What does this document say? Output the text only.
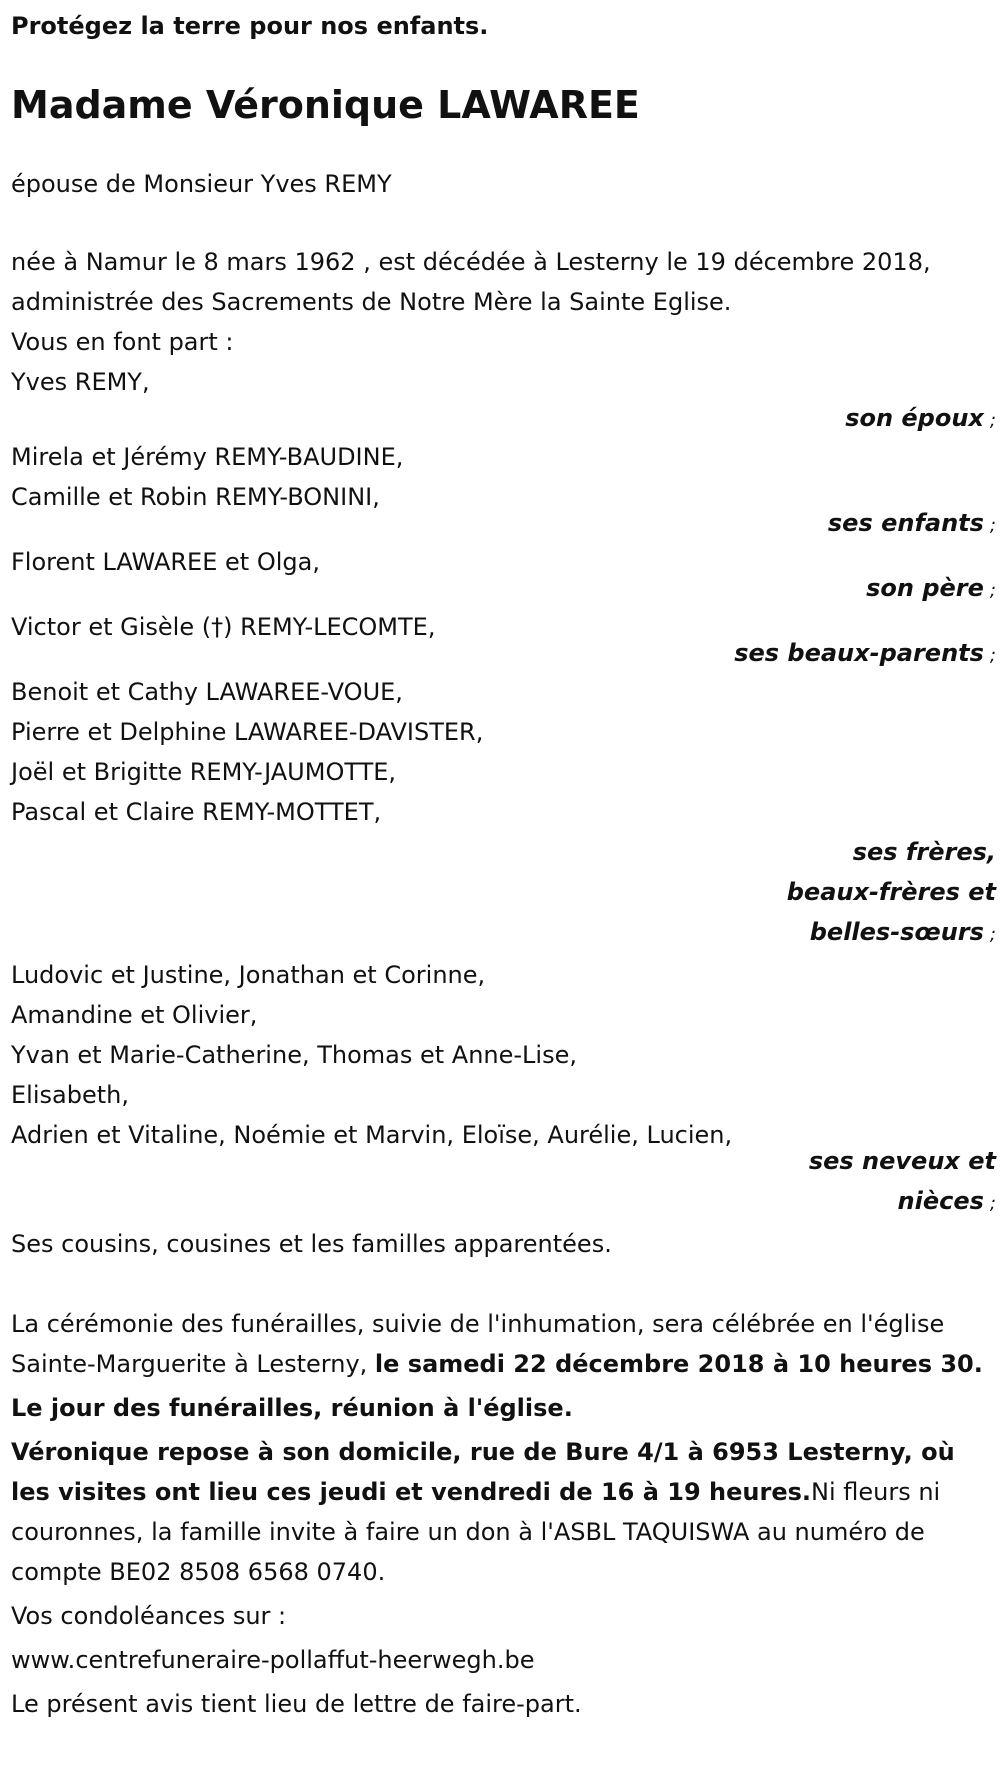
Protégez la terre pour nos enfants.

Madame Véronique LAWAREE

épouse de Monsieur Yves REMY

née à Namur le 8 mars 1962 , est décédée à Lesterny le 19 décembre 2018, administrée des Sacrements de Notre Mère la Sainte Eglise.

Vous en font part :

Yves REMY,

son époux ;

Mirela et Jérémy REMY-BAUDINE,

Camille et Robin REMY-BONINI,

ses enfants ;

Florent LAWAREE et Olga,

son père ;

Victor et Gisèle (†) REMY-LECOMTE,

ses beaux-parents ;

Benoit et Cathy LAWAREE-VOUE,

Pierre et Delphine LAWAREE-DAVISTER,

Joël et Brigitte REMY-JAUMOTTE,

Pascal et Claire REMY-MOTTET,

ses frères, beaux-frères et belles-sœurs ;

Ludovic et Justine, Jonathan et Corinne,

Amandine et Olivier,

Yvan et Marie-Catherine, Thomas et Anne-Lise,

Elisabeth,

Adrien et Vitaline, Noémie et Marvin, Eloïse, Aurélie, Lucien,

ses neveux et nièces ;

Ses cousins, cousines et les familles apparentées.

La cérémonie des funérailles, suivie de l'inhumation, sera célébrée en l'église Sainte-Marguerite à Lesterny, le samedi 22 décembre 2018 à 10 heures 30.

Le jour des funérailles, réunion à l'église.

Véronique repose à son domicile, rue de Bure 4/1 à 6953 Lesterny, où les visites ont lieu ces jeudi et vendredi de 16 à 19 heures.Ni fleurs ni couronnes, la famille invite à faire un don à l'ASBL TAQUISWA au numéro de compte BE02 8508 6568 0740.

Vos condoléances sur :

www.centrefuneraire-pollaffut-heerwegh.be

Le présent avis tient lieu de lettre de faire-part.
